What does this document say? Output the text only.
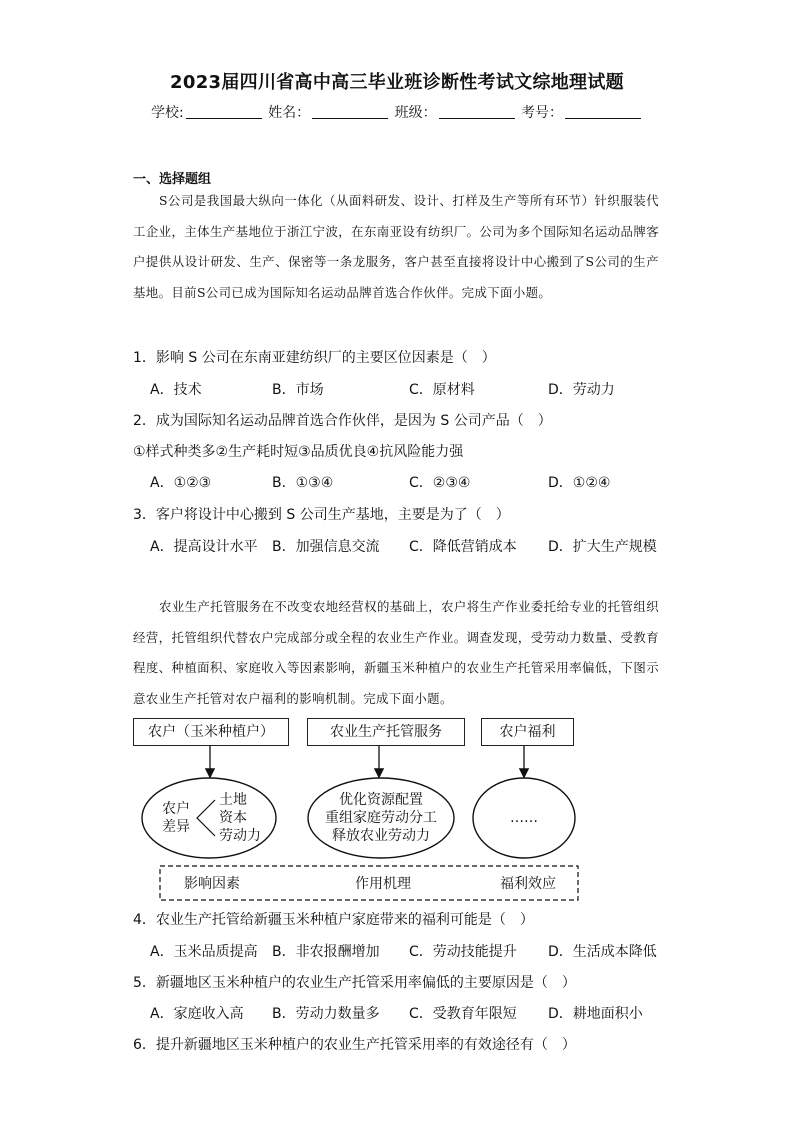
2023届四川省高中高三毕业班诊断性考试文综地理试题
学校:	姓名：	班级：	考号：
一、选择题组
S公司是我国最大纵向一体化（从面料研发、设计、打样及生产等所有环节）针织服装代工企业，主体生产基地位于浙江宁波，在东南亚设有纺织厂。公司为多个国际知名运动品牌客户提供从设计研发、生产、保密等一条龙服务，客户甚至直接将设计中心搬到了S公司的生产基地。目前S公司已成为国际知名运动品牌首选合作伙伴。完成下面小题。
1．影响 S 公司在东南亚建纺织厂的主要区位因素是（　）
A．技术	B．市场	C．原材料	D．劳动力
2．成为国际知名运动品牌首选合作伙伴，是因为 S 公司产品（　）
①样式种类多②生产耗时短③品质优良④抗风险能力强
A．①②③	B．①③④	C．②③④	D．①②④
3．客户将设计中心搬到 S 公司生产基地，主要是为了（　）
A．提高设计水平 B．加强信息交流 C．降低营销成本 D．扩大生产规模
农业生产托管服务在不改变农地经营权的基础上，农户将生产作业委托给专业的托管组织经营，托管组织代替农户完成部分或全程的农业生产作业。调查发现，受劳动力数量、受教育程度、种植面积、家庭收入等因素影响，新疆玉米种植户的农业生产托管采用率偏低，下图示意农业生产托管对农户福利的影响机制。完成下面小题。
农户（玉米种植户）	农业生产托管服务	农户福利
农户
差异
土地
资本
劳动力
优化资源配置
重组家庭劳动分工
释放农业劳动力
……
影响因素	作用机理	福利效应
4．农业生产托管给新疆玉米种植户家庭带来的福利可能是（　）
A．玉米品质提高 B．非农报酬增加 C．劳动技能提升 D．生活成本降低
5．新疆地区玉米种植户的农业生产托管采用率偏低的主要原因是（　）
A．家庭收入高 B．劳动力数量多 C．受教育年限短 D．耕地面积小
6．提升新疆地区玉米种植户的农业生产托管采用率的有效途径有（　）
